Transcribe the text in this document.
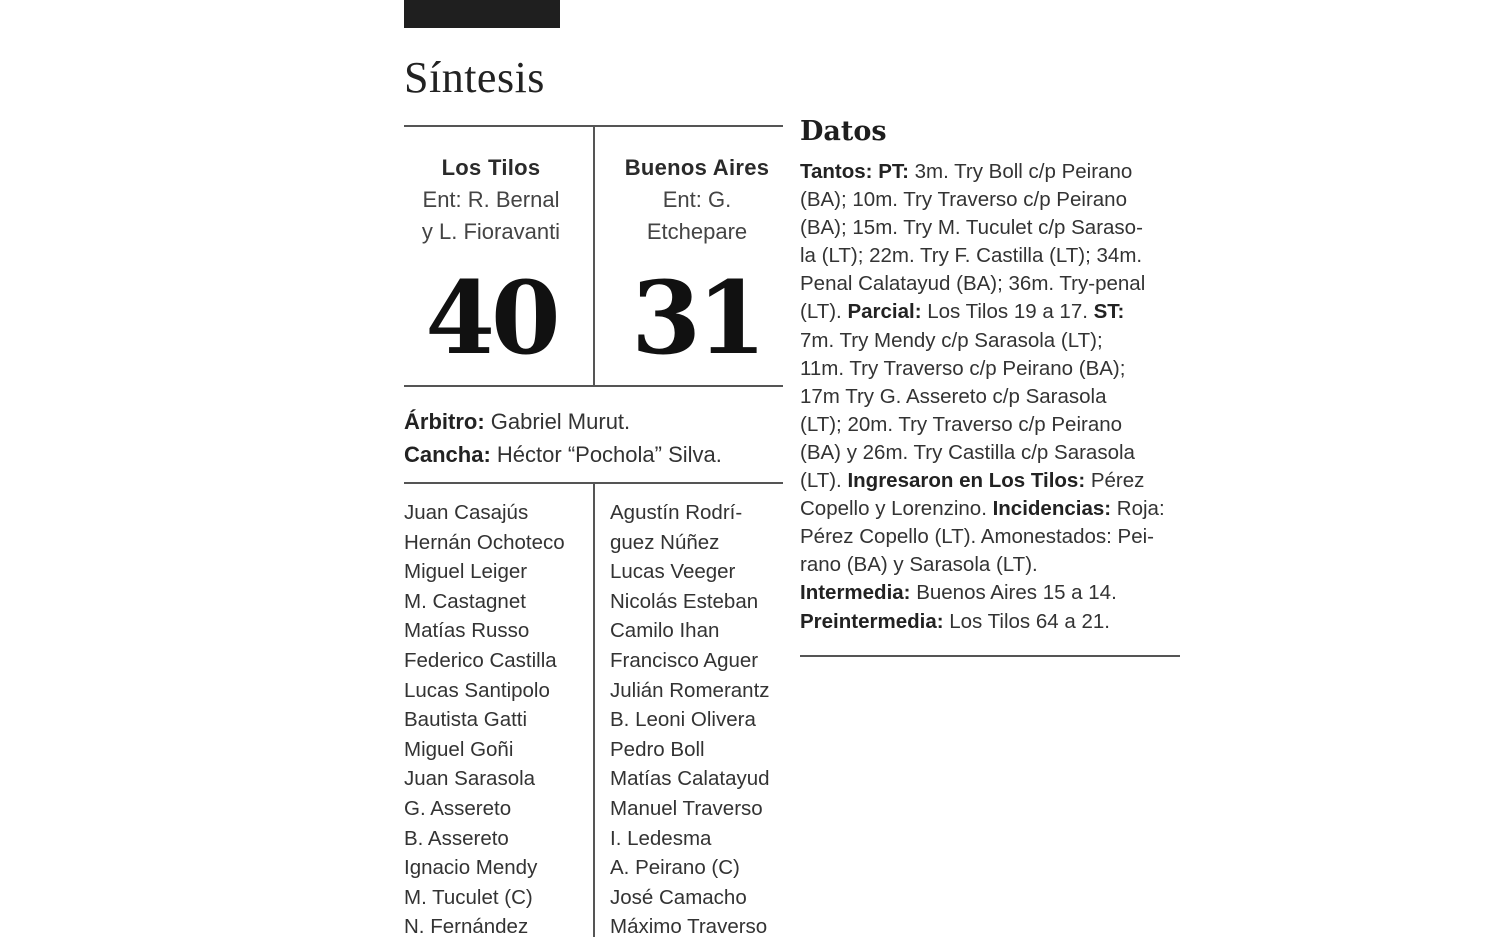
Síntesis
Los Tilos
Ent: R. Bernal
y L. Fioravanti
Buenos Aires
Ent: G.
Etchepare
40 31
Árbitro: Gabriel Murut.
Cancha: Héctor “Pochola” Silva.
Juan Casajús
Hernán Ochoteco
Miguel Leiger
M. Castagnet
Matías Russo
Federico Castilla
Lucas Santipolo
Bautista Gatti
Miguel Goñi
Juan Sarasola
G. Assereto
B. Assereto
Ignacio Mendy
M. Tuculet (C)
N. Fernández
Agustín Rodrí-
guez Núñez
Lucas Veeger
Nicolás Esteban
Camilo Ihan
Francisco Aguer
Julián Romerantz
B. Leoni Olivera
Pedro Boll
Matías Calatayud
Manuel Traverso
I. Ledesma
A. Peirano (C)
José Camacho
Máximo Traverso
Datos
Tantos: PT: 3m. Try Boll c/p Peirano
(BA); 10m. Try Traverso c/p Peirano
(BA); 15m. Try M. Tuculet c/p Saraso-
la (LT); 22m. Try F. Castilla (LT); 34m.
Penal Calatayud (BA); 36m. Try-penal
(LT). Parcial: Los Tilos 19 a 17. ST:
7m. Try Mendy c/p Sarasola (LT);
11m. Try Traverso c/p Peirano (BA);
17m Try G. Assereto c/p Sarasola
(LT); 20m. Try Traverso c/p Peirano
(BA) y 26m. Try Castilla c/p Sarasola
(LT). Ingresaron en Los Tilos: Pérez
Copello y Lorenzino. Incidencias: Roja:
Pérez Copello (LT). Amonestados: Pei-
rano (BA) y Sarasola (LT).
Intermedia: Buenos Aires 15 a 14.
Preintermedia: Los Tilos 64 a 21.
